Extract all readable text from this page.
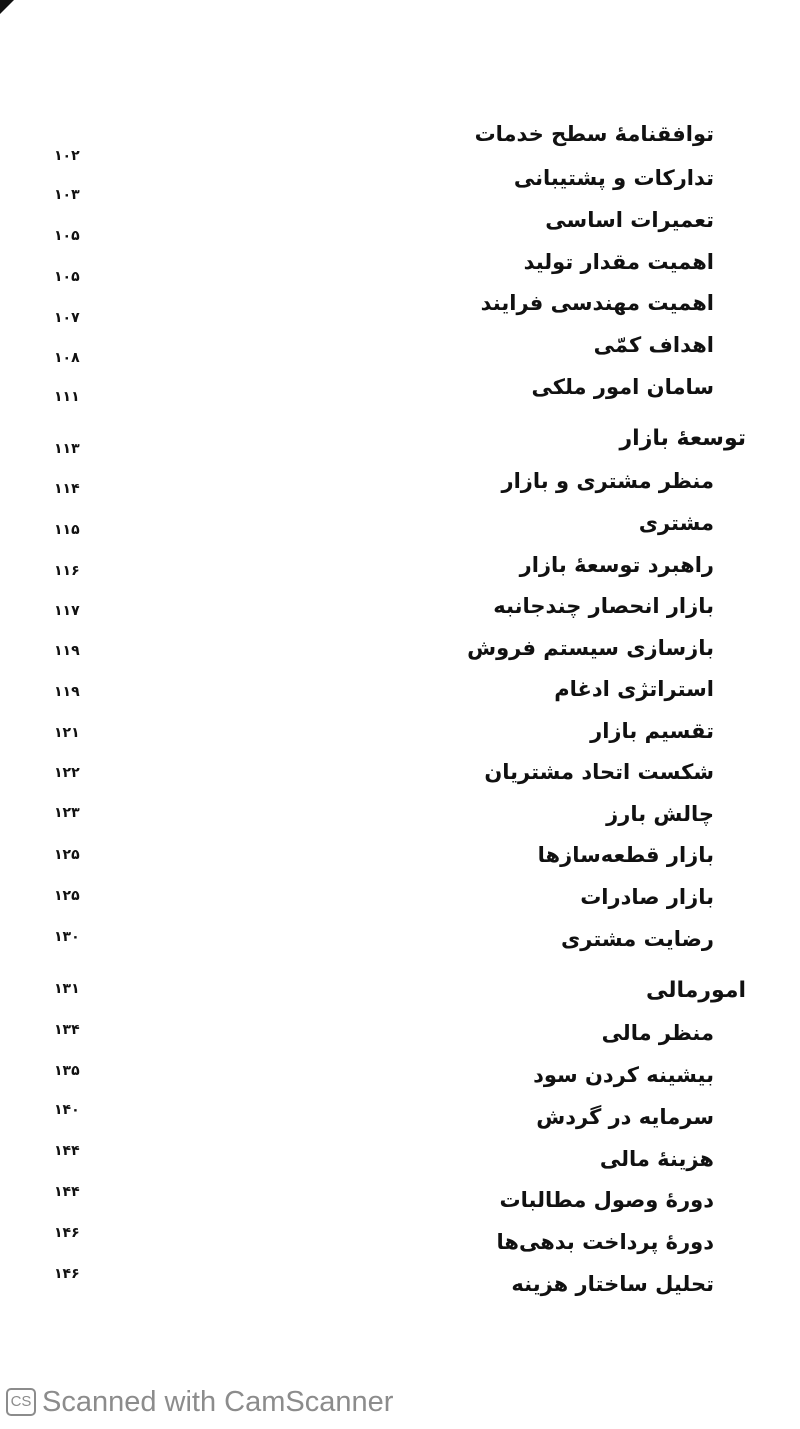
توافقنامهٔ سطح خدمات
۱۰۲
تدارکات و پشتیبانی
۱۰۳
تعمیرات اساسی
۱۰۵
اهمیت مقدار تولید
۱۰۵
اهمیت مهندسی فرایند
۱۰۷
اهداف کمّی
۱۰۸
سامان امور ملکی
۱۱۱
توسعهٔ بازار
۱۱۳
منظر مشتری و بازار
۱۱۴
مشتری
۱۱۵
راهبرد توسعهٔ بازار
۱۱۶
بازار انحصار چندجانبه
۱۱۷
بازسازی سیستم فروش
۱۱۹
استراتژی ادغام
۱۱۹
تقسیم بازار
۱۲۱
شکست اتحاد مشتریان
۱۲۲
چالش بارز
۱۲۳
بازار قطعه‌سازها
۱۲۵
بازار صادرات
۱۲۵
رضایت مشتری
۱۳۰
امورمالی
۱۳۱
منظر مالی
۱۳۴
بیشینه کردن سود
۱۳۵
سرمایه در گردش
۱۴۰
هزینهٔ مالی
۱۴۴
دورهٔ وصول مطالبات
۱۴۴
دورهٔ پرداخت بدهی‌ها
۱۴۶
تحلیل ساختار هزینه
۱۴۶
CS Scanned with CamScanner
